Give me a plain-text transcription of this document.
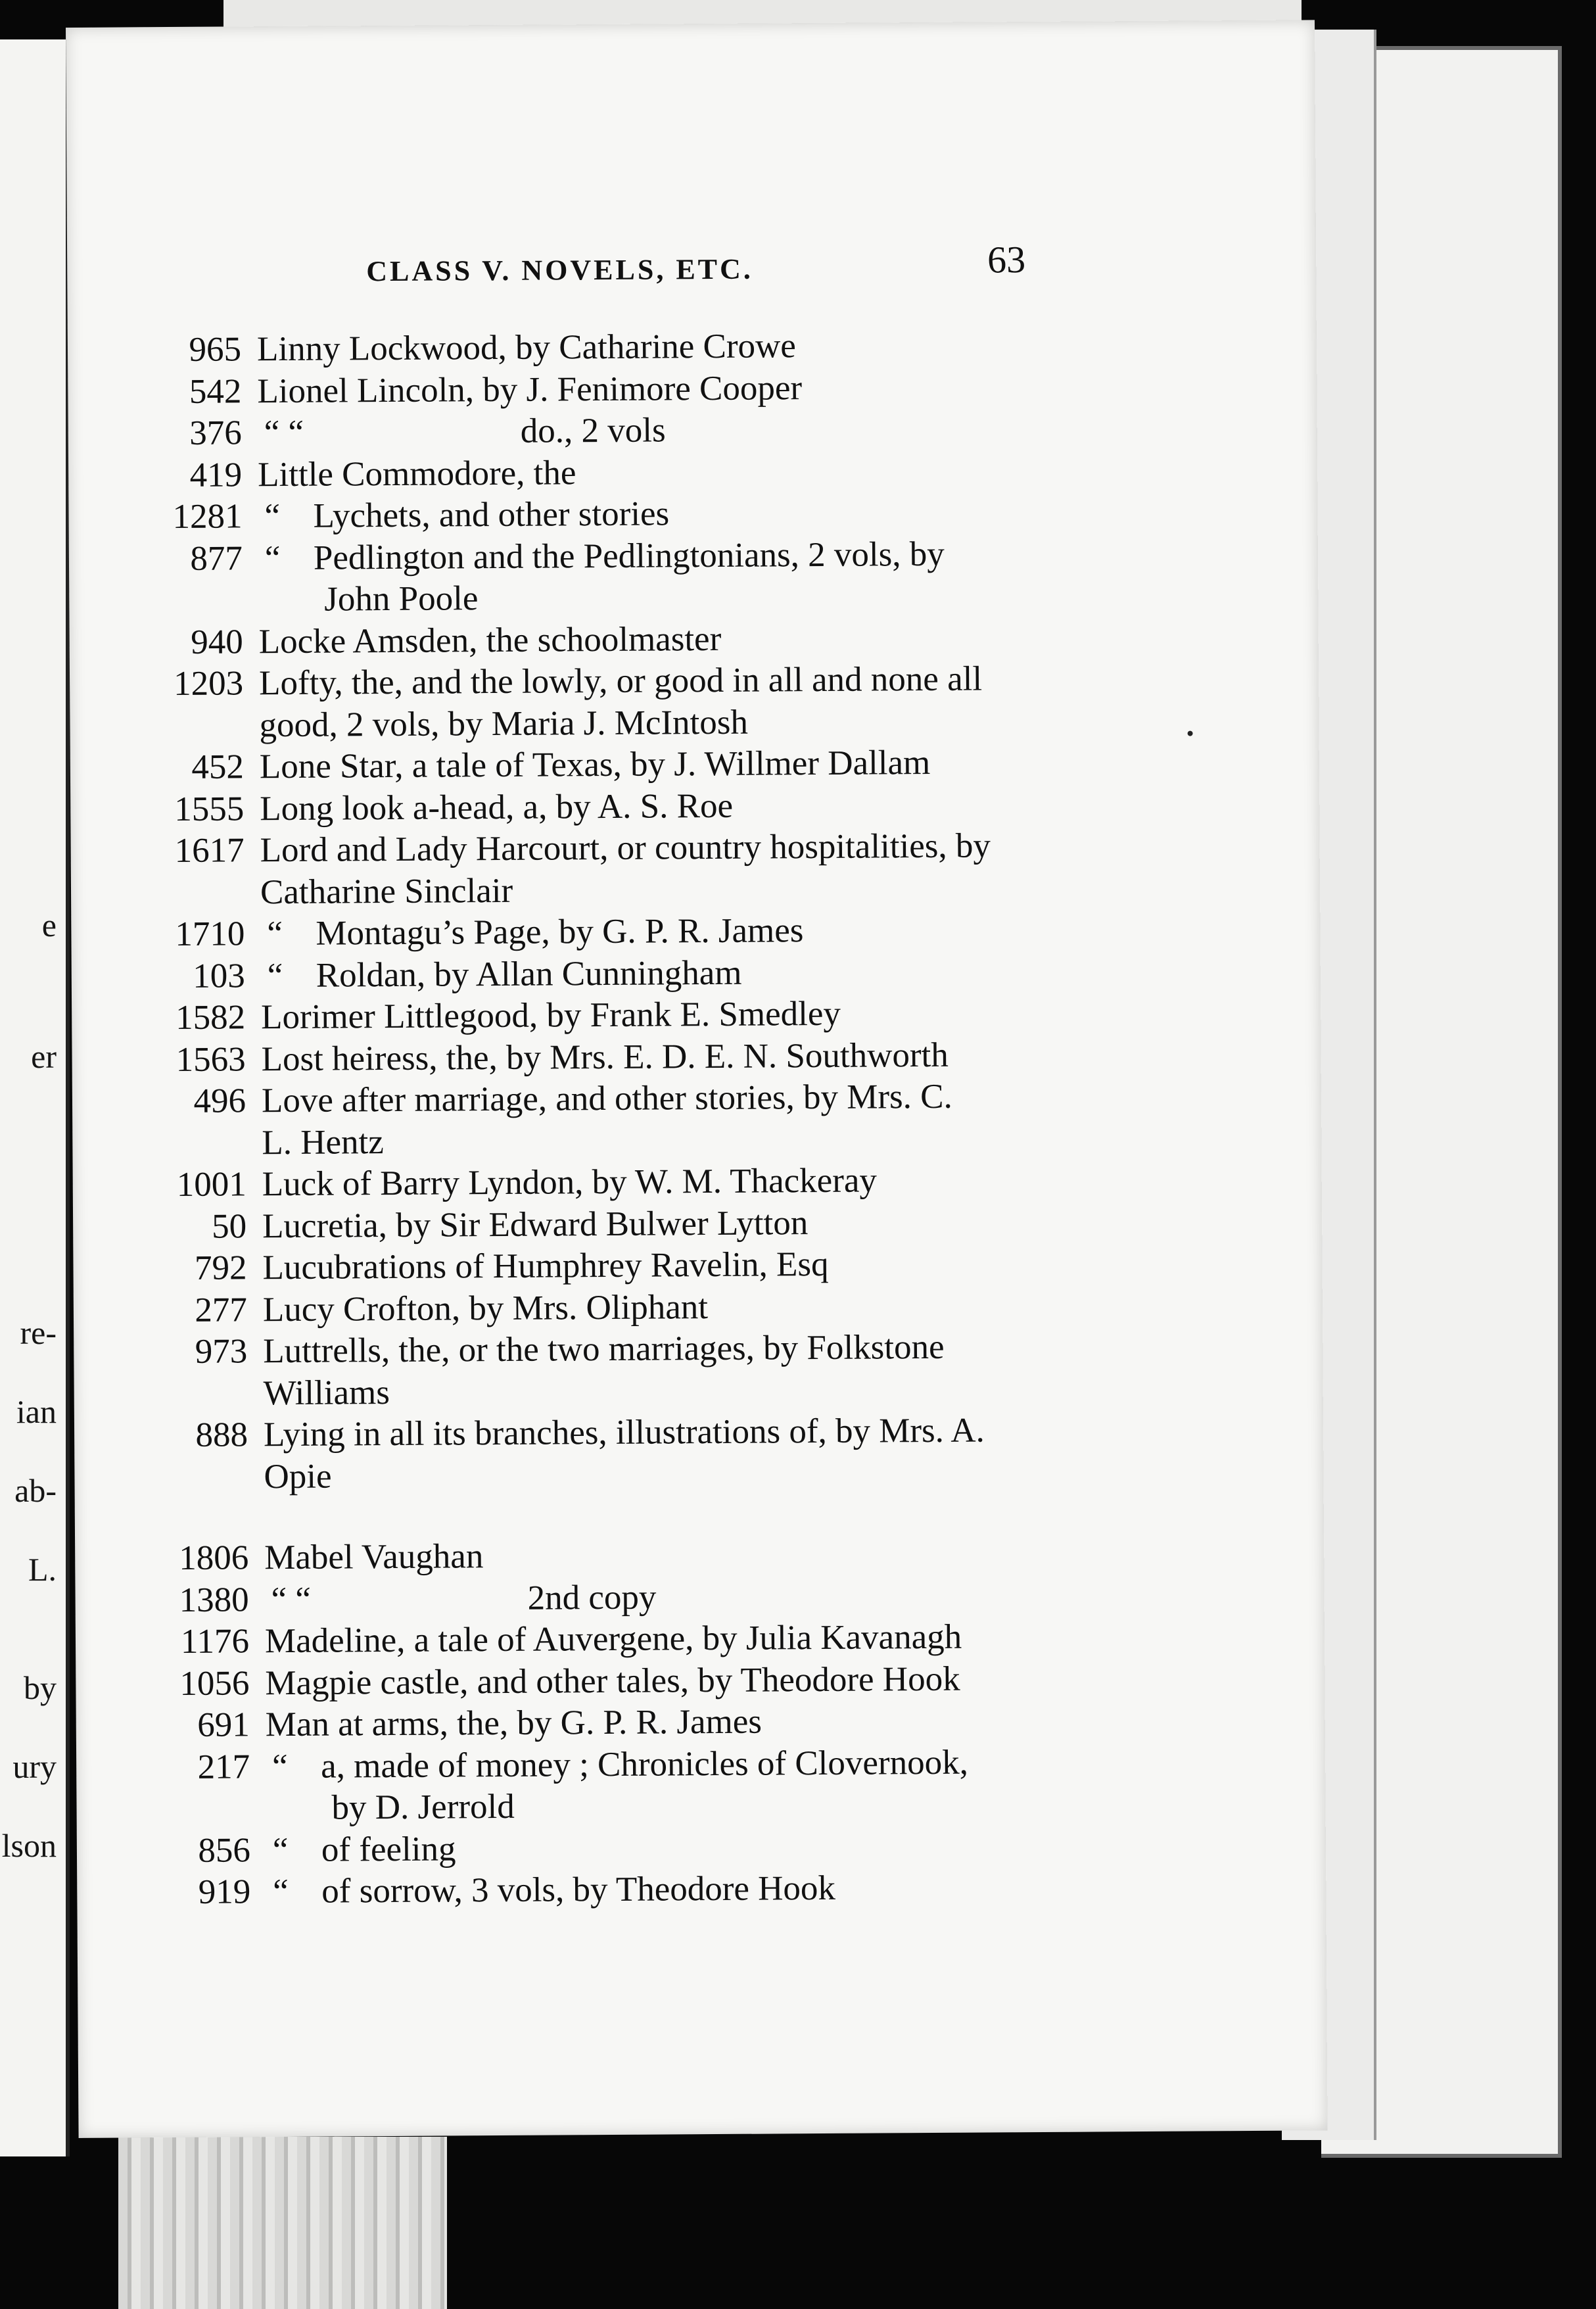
e
er
re-
ian
ab-
L.
by
ury
lson
CLASS V. NOVELS, ETC.	63
965 Linny Lockwood, by Catharine Crowe
542 Lionel Lincoln, by J. Fenimore Cooper
376 “ “	do., 2 vols
419 Little Commodore, the
1281 “ Lychets, and other stories
877 “ Pedlington and the Pedlingtonians, 2 vols, by
John Poole
940 Locke Amsden, the schoolmaster
1203 Lofty, the, and the lowly, or good in all and none all
good, 2 vols, by Maria J. McIntosh
452 Lone Star, a tale of Texas, by J. Willmer Dallam
1555 Long look a-head, a, by A. S. Roe
1617 Lord and Lady Harcourt, or country hospitalities, by
Catharine Sinclair
1710 “ Montagu’s Page, by G. P. R. James
103 “ Roldan, by Allan Cunningham
1582 Lorimer Littlegood, by Frank E. Smedley
1563 Lost heiress, the, by Mrs. E. D. E. N. Southworth
496 Love after marriage, and other stories, by Mrs. C.
L. Hentz
1001 Luck of Barry Lyndon, by W. M. Thackeray
50 Lucretia, by Sir Edward Bulwer Lytton
792 Lucubrations of Humphrey Ravelin, Esq
277 Lucy Crofton, by Mrs. Oliphant
973 Luttrells, the, or the two marriages, by Folkstone
Williams
888 Lying in all its branches, illustrations of, by Mrs. A.
Opie
1806 Mabel Vaughan
1380 “ “	2nd copy
1176 Madeline, a tale of Auvergene, by Julia Kavanagh
1056 Magpie castle, and other tales, by Theodore Hook
691 Man at arms, the, by G. P. R. James
217 “ a, made of money ; Chronicles of Clovernook,
by D. Jerrold
856 “ of feeling
919 “ of sorrow, 3 vols, by Theodore Hook
